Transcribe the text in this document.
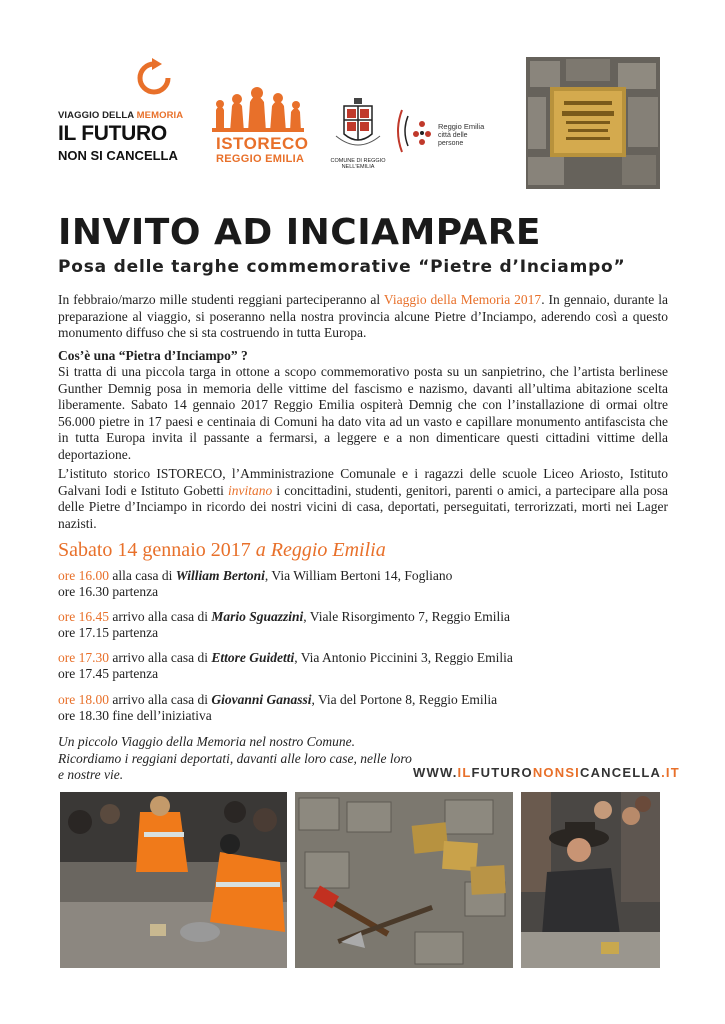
VIAGGIO DELLA MEMORIA
IL FUTURO
NON SI CANCELLA
ISTORECO
REGGIO EMILIA	COMUNE DI REGGIO NELL'EMILIA
Reggio Emilia
città delle persone
INVITO AD INCIAMPARE
Posa delle targhe commemorative “Pietre d’Inciampo”
In febbraio/marzo mille studenti reggiani parteciperanno al Viaggio della Memoria 2017. In gennaio, durante la preparazione al viaggio, si poseranno nella nostra provincia alcune Pietre d’Inciampo, aderendo così a questo monumento diffuso che si sta costruendo in tutta Europa.
Cos’è una “Pietra d’Inciampo” ?
Si tratta di una piccola targa in ottone a scopo commemorativo posta su un sanpietrino, che l’artista berlinese Gunther Demnig posa in memoria delle vittime del fascismo e nazismo, davanti all’ultima abitazione scelta liberamente. Sabato 14 gennaio 2017 Reggio Emilia ospiterà Demnig che con l’installazione di ormai oltre 56.000 pietre in 17 paesi e centinaia di Comuni ha dato vita ad un vasto e capillare monumento antifascista che in tutta Europa invita il passante a fermarsi, a leggere e a non dimenticare questi cittadini vittime della deportazione.
L’istituto storico ISTORECO, l’Amministrazione Comunale e i ragazzi delle scuole Liceo Ariosto, Istituto Galvani Iodi e Istituto Gobetti invitano i concittadini, studenti, genitori, parenti o amici, a partecipare alla posa delle Pietre d’Inciampo in ricordo dei nostri vicini di casa, deportati, perseguitati, terrorizzati, morti nei Lager nazisti.
Sabato 14 gennaio 2017 a Reggio Emilia
ore 16.00 alla casa di William Bertoni, Via William Bertoni 14, Fogliano
ore 16.30 partenza
ore 16.45 arrivo alla casa di Mario Sguazzini, Viale Risorgimento 7, Reggio Emilia
ore 17.15 partenza
ore 17.30 arrivo alla casa di Ettore Guidetti, Via Antonio Piccinini 3, Reggio Emilia
ore 17.45 partenza
ore 18.00 arrivo alla casa di Giovanni Ganassi, Via del Portone 8, Reggio Emilia
ore 18.30 fine dell’iniziativa
Un piccolo Viaggio della Memoria nel nostro Comune. Ricordiamo i reggiani deportati, davanti alle loro case, nelle loro e nostre vie.	WWW.ILFUTURONONSICANCELLA.IT
